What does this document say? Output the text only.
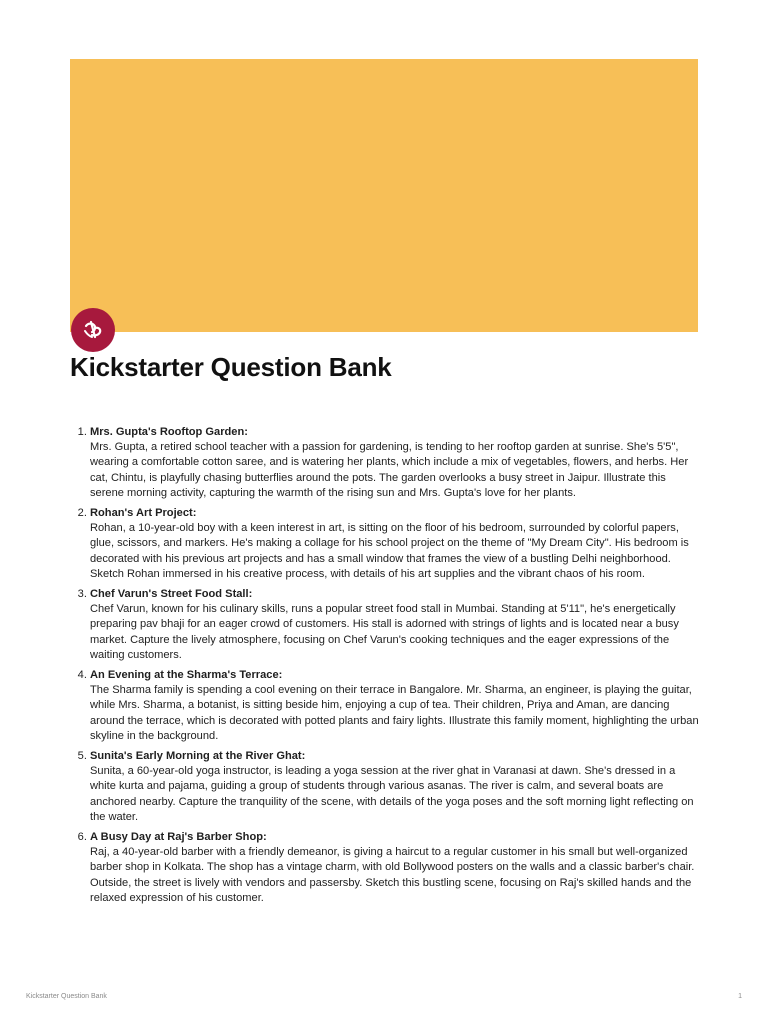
Kickstarter Question Bank
1. Mrs. Gupta's Rooftop Garden:
Mrs. Gupta, a retired school teacher with a passion for gardening, is tending to her rooftop garden at sunrise. She's 5'5", wearing a comfortable cotton saree, and is watering her plants, which include a mix of vegetables, flowers, and herbs. Her cat, Chintu, is playfully chasing butterflies around the pots. The garden overlooks a busy street in Jaipur. Illustrate this serene morning activity, capturing the warmth of the rising sun and Mrs. Gupta's love for her plants.
2. Rohan's Art Project:
Rohan, a 10-year-old boy with a keen interest in art, is sitting on the floor of his bedroom, surrounded by colorful papers, glue, scissors, and markers. He's making a collage for his school project on the theme of "My Dream City". His bedroom is decorated with his previous art projects and has a small window that frames the view of a bustling Delhi neighborhood. Sketch Rohan immersed in his creative process, with details of his art supplies and the vibrant chaos of his room.
3. Chef Varun's Street Food Stall:
Chef Varun, known for his culinary skills, runs a popular street food stall in Mumbai. Standing at 5'11", he's energetically preparing pav bhaji for an eager crowd of customers. His stall is adorned with strings of lights and is located near a busy market. Capture the lively atmosphere, focusing on Chef Varun's cooking techniques and the eager expressions of the waiting customers.
4. An Evening at the Sharma's Terrace:
The Sharma family is spending a cool evening on their terrace in Bangalore. Mr. Sharma, an engineer, is playing the guitar, while Mrs. Sharma, a botanist, is sitting beside him, enjoying a cup of tea. Their children, Priya and Aman, are dancing around the terrace, which is decorated with potted plants and fairy lights. Illustrate this family moment, highlighting the urban skyline in the background.
5. Sunita's Early Morning at the River Ghat:
Sunita, a 60-year-old yoga instructor, is leading a yoga session at the river ghat in Varanasi at dawn. She's dressed in a white kurta and pajama, guiding a group of students through various asanas. The river is calm, and several boats are anchored nearby. Capture the tranquility of the scene, with details of the yoga poses and the soft morning light reflecting on the water.
6. A Busy Day at Raj's Barber Shop:
Raj, a 40-year-old barber with a friendly demeanor, is giving a haircut to a regular customer in his small but well-organized barber shop in Kolkata. The shop has a vintage charm, with old Bollywood posters on the walls and a classic barber's chair. Outside, the street is lively with vendors and passersby. Sketch this bustling scene, focusing on Raj's skilled hands and the relaxed expression of his customer.
Kickstarter Question Bank	1
